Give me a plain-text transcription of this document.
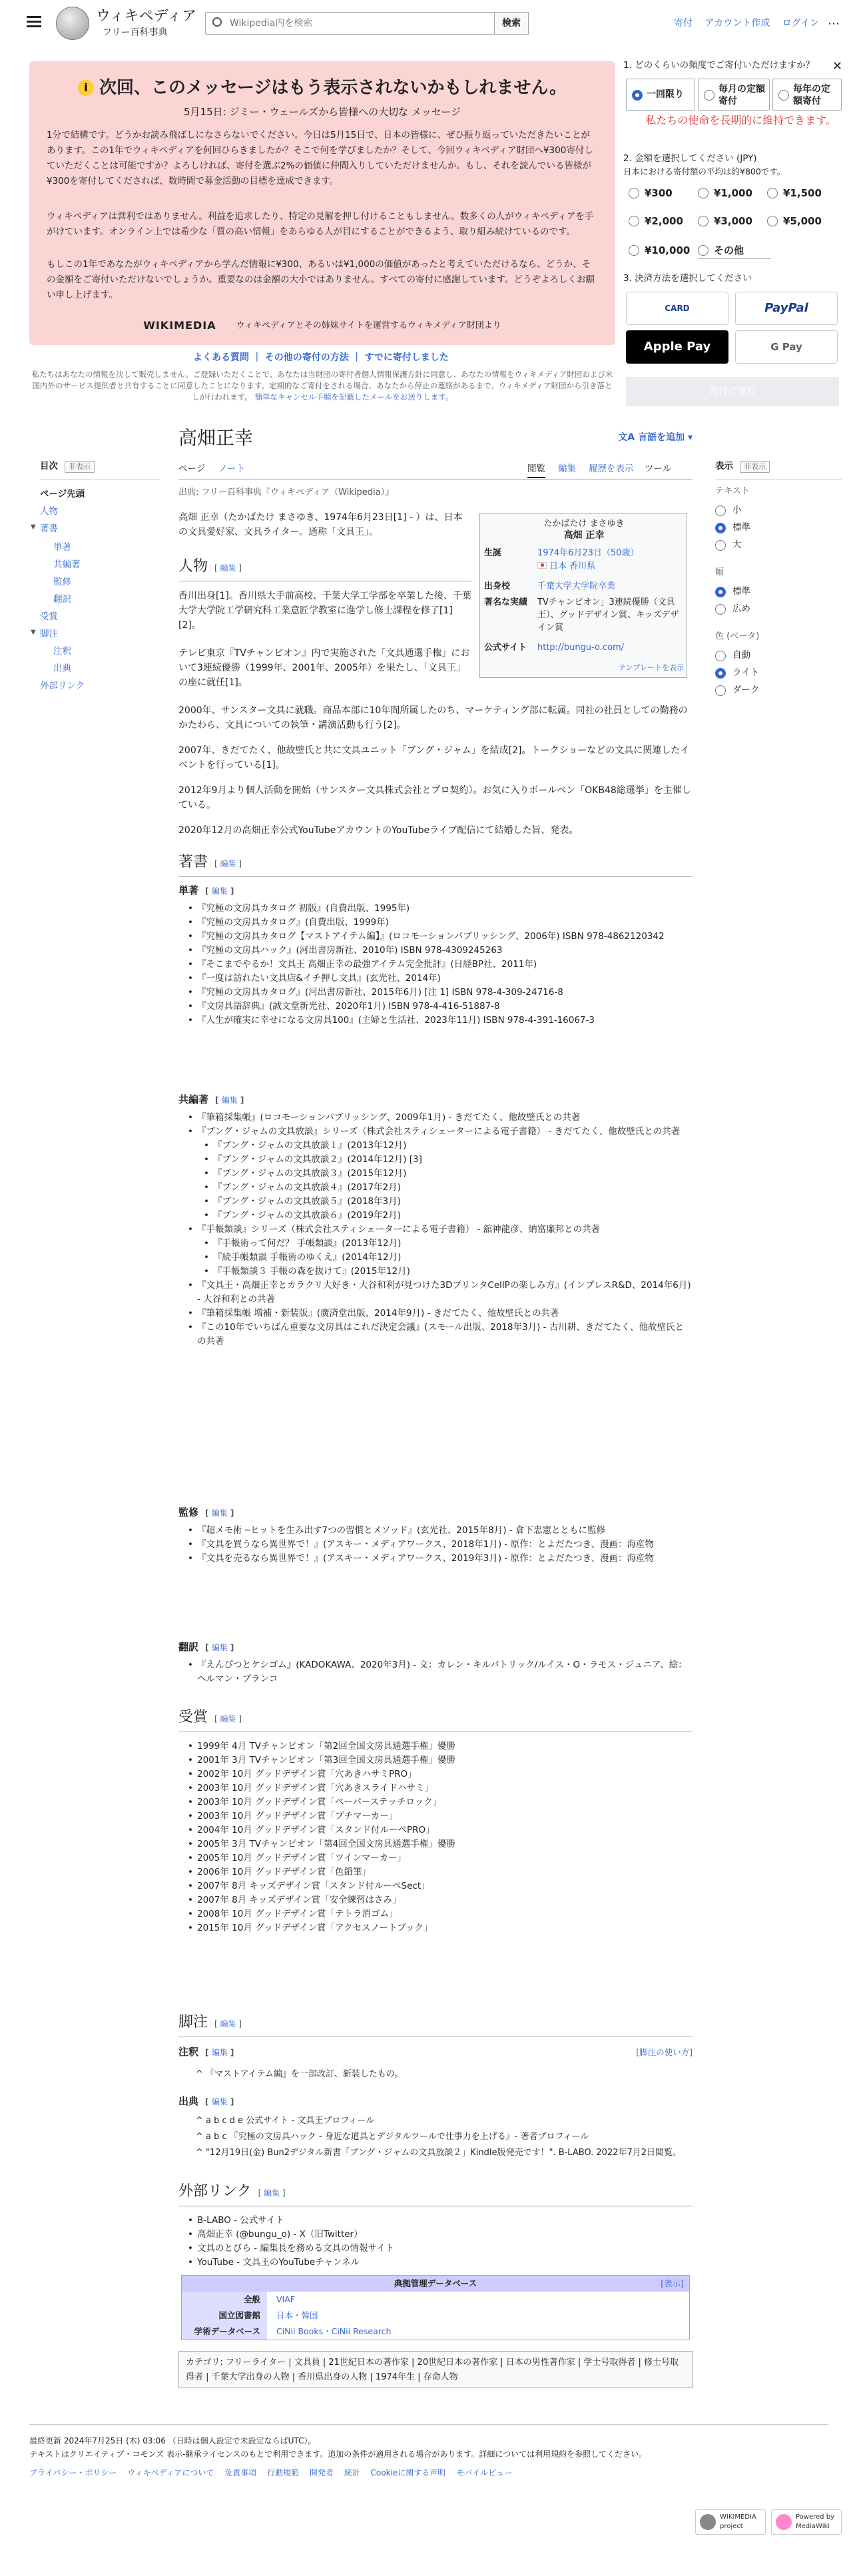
ウィキペディア
フリー百科事典
Wikipedia内を検索	検索	寄付 アカウント作成 ログイン ⋯
i 次回、このメッセージはもう表示されないかもしれません。
5月15日: ジミー・ウェールズから皆様への大切な メッセージ
1分で結構です。どうかお読み飛ばしになさらないでください。今日は5月15日で、日本の皆様に、ぜひ振り返っていただきたいことがあります。この1年でウィキペディアを何回ひらきましたか？そこで何を学びましたか？そして、今回ウィキペディア財団へ¥300寄付していただくことは可能ですか？よろしければ、寄付を選ぶ2%の価値に仲間入りしていただけませんか。もし、それを読んでいる皆様が¥300を寄付してくだされば、数時間で募金活動の目標を達成できます。
ウィキペディアは営利ではありません。利益を追求したり、特定の見解を押し付けることもしません。数多くの人がウィキペディアを手がけています。オンライン上では希少な「質の高い情報」をあらゆる人が目にすることができるよう、取り組み続けているのです。
もしこの1年であなたがウィキペディアから学んだ情報に¥300、あるいは¥1,000の価値があったと考えていただけるなら、どうか、その金額をご寄付いただけないでしょうか。重要なのは金額の大小ではありません。すべての寄付に感謝しています。どうぞよろしくお願い申し上げます。
WIKIMEDIA ウィキペディアとその姉妹サイトを運営するウィキメディア財団より
よくある質問 ｜ その他の寄付の方法 ｜ すでに寄付しました
私たちはあなたの情報を決して販売しません。ご登録いただくことで、あなたは当財団の寄付者個人情報保護方針に同意し、あなたの情報をウィキメディア財団および米国内外のサービス提供者と共有することに同意したことになります。定期的なご寄付をされる場合、あなたから停止の連絡があるまで、ウィキメディア財団から引き落としが行われます。 簡単なキャンセル手順を記載したメールをお送りします。
1. どのくらいの頻度でご寄付いただけますか？ ✕
一回限り	毎月の定額寄付
毎年の定額寄付
私たちの使命を長期的に維持できます。
2. 金額を選択してください (JPY)
日本における寄付額の平均は約¥800です。
¥300	¥1,000	¥1,500
¥2,000	¥3,000	¥5,000
¥10,000	その他
3. 決済方法を選択してください
CARD	PayPal
Apple Pay	G Pay
寄付に進む
目次 非表示
ページ先頭
人物
▼ 著書
単著
共編著
監修
翻訳
受賞
▼ 脚注
注釈
出典
外部リンク
表示 非表示
テキスト
小
標準
大
幅
標準
広め
色 (ベータ)
自動
ライト
ダーク
高畑正幸	文A 言語を追加 ▾
ページ ノート	閲覧 編集 履歴を表示 ツール
出典: フリー百科事典『ウィキペディア（Wikipedia）』
たかばたけ まさゆき
高畑 正幸
生誕	1974年6月23日（50歳）
日本 香川県
出身校	千葉大学大学院卒業
著名な実績 TVチャンピオン」3連続優勝（文具王）、グッドデザイン賞、キッズデザイン賞
公式サイト http://bungu-o.com/
テンプレートを表示
高畑 正幸（たかばたけ まさゆき、1974年6月23日[1] - ）は、日本の文具愛好家、文具ライター。通称「文具王」。
人物 [ 編集 ]
香川出身[1]。香川県大手前高校、千葉大学工学部を卒業した後、千葉大学大学院工学研究科工業意匠学教室に進学し修士課程を修了[1][2]。
テレビ東京『TVチャンピオン』内で実施された「文具通選手権」において3連続優勝（1999年、2001年、2005年）を果たし、「文具王」の座に就任[1]。
2000年、サンスター文具に就職。商品本部に10年間所属したのち、マーケティング部に転属。同社の社員としての勤務のかたわら、文具についての執筆・講演活動も行う[2]。
2007年、きだてたく、他故壁氏と共に文具ユニット「ブング・ジャム」を結成[2]。トークショーなどの文具に関連したイベントを行っている[1]。
2012年9月より個人活動を開始（サンスター文具株式会社とプロ契約）。お気に入りボールペン「OKB48総選挙」を主催している。
2020年12月の高畑正幸公式YouTubeアカウントのYouTubeライブ配信にて結婚した旨、発表。
著書 [ 編集 ]
単著 [ 編集 ]
• 『究極の文房具カタログ 初版』(自費出版、1995年)
• 『究極の文房具カタログ』(自費出版、1999年)
• 『究極の文房具カタログ【マストアイテム編】』(ロコモーションパブリッシング、2006年) ISBN 978-4862120342
• 『究極の文房具ハック』(河出書房新社、2010年) ISBN 978-4309245263
• 『そこまでやるか！文具王 高畑正幸の最強アイテム完全批評』(日経BP社、2011年)
• 『一度は訪れたい文具店&イチ押し文具』(玄光社、2014年)
• 『究極の文房具カタログ』(河出書房新社、2015年6月) [注 1] ISBN 978-4-309-24716-8
• 『文房具語辞典』(誠文堂新光社、2020年1月) ISBN 978-4-416-51887-8
• 『人生が確実に幸せになる文房具100』(主婦と生活社、2023年11月) ISBN 978-4-391-16067-3
共編著 [ 編集 ]
• 『筆箱採集帳』(ロコモーションパブリッシング、2009年1月) - きだてたく、他故壁氏との共著
• 『ブング・ジャムの文具放談』シリーズ（株式会社スティシェーターによる電子書籍） - きだてたく、他故壁氏との共著
• 『ブング・ジャムの文具放談１』(2013年12月)
• 『ブング・ジャムの文具放談２』(2014年12月) [3]
• 『ブング・ジャムの文具放談３』(2015年12月)
• 『ブング・ジャムの文具放談４』(2017年2月)
• 『ブング・ジャムの文具放談５』(2018年3月)
• 『ブング・ジャムの文具放談６』(2019年2月)
• 『手帳類談』シリーズ（株式会社スティシェーターによる電子書籍） - 舘神龍彦、納富廉邦との共著
• 『手帳術って何だ？ 手帳類談』(2013年12月)
• 『続手帳類談 手帳術のゆくえ』(2014年12月)
• 『手帳類談３ 手帳の森を抜けて』(2015年12月)
• 『文具王・高畑正幸とカラクリ大好き・大谷和利が見つけた3DプリンタCellPの楽しみ方』(インプレスR&D、2014年6月) - 大谷和利との共著
• 『筆箱採集帳 増補・新装版』(廣済堂出版、2014年9月) - きだてたく、他故壁氏との共著
• 『この10年でいちばん重要な文房具はこれだ決定会議』(スモール出版、2018年3月) - 古川耕、きだてたく、他故壁氏との共著
監修 [ 編集 ]
• 『超メモ術 ─ヒットを生み出す7つの習慣とメソッド』(玄光社、2015年8月) - 倉下忠憲とともに監修
• 『文具を買うなら異世界で！』(アスキー・メディアワークス、2018年1月) - 原作：とよだたつき、漫画：海産物
• 『文具を売るなら異世界で！』(アスキー・メディアワークス、2019年3月) - 原作：とよだたつき、漫画：海産物
翻訳 [ 編集 ]
• 『えんぴつとケシゴム』(KADOKAWA、2020年3月) - 文：カレン・キルパトリック/ルイス・O・ラモス・ジュニア、絵：ヘルマン・ブランコ
受賞 [ 編集 ]
• 1999年 4月 TVチャンピオン「第2回全国文房具通選手権」優勝
• 2001年 3月 TVチャンピオン「第3回全国文房具通選手権」優勝
• 2002年 10月 グッドデザイン賞「穴あきハサミPRO」
• 2003年 10月 グッドデザイン賞「穴あきスライドハサミ」
• 2003年 10月 グッドデザイン賞「ペーパーステッチロック」
• 2003年 10月 グッドデザイン賞「プチマーカー」
• 2004年 10月 グッドデザイン賞「スタンド付ルーペPRO」
• 2005年 3月 TVチャンピオン「第4回全国文房具通選手権」優勝
• 2005年 10月 グッドデザイン賞「ツインマーカー」
• 2006年 10月 グッドデザイン賞「色鉛筆」
• 2007年 8月 キッズデザイン賞「スタンド付ルーペSect」
• 2007年 8月 キッズデザイン賞「安全練習はさみ」
• 2008年 10月 グッドデザイン賞「テトラ消ゴム」
• 2015年 10月 グッドデザイン賞「アクセスノートブック」
脚注 [ 編集 ]
注釈 [ 編集 ]	[脚注の使い方]
^ 『マストアイテム編』を一部改訂、新装したもの。
出典 [ 編集 ]
^ a b c d e 公式サイト - 文具王プロフィール
^ a b c 『究極の文房具ハック - 身近な道具とデジタルツールで仕事力を上げる』- 著者プロフィール
^ "12月19日(金) Bun2デジタル新書「ブング・ジャムの文具放談２」Kindle版発売です！". B-LABO. 2022年7月2日閲覧。
外部リンク [ 編集 ]
• B-LABO - 公式サイト
• 高畑正幸 (@bungu_o) - X（旧Twitter）
• 文具のとびら - 編集長を務める文具の情報サイト
• YouTube - 文具王のYouTubeチャンネル
典拠管理データベース	[表示]
全般	VIAF
国立図書館	日本・韓国
学術データベース	CiNii Books・CiNii Research
カテゴリ: フリーライター | 文具員 | 21世紀日本の著作家 | 20世紀日本の著作家 | 日本の男性著作家 | 学士号取得者 | 修士号取得者 | 千葉大学出身の人物 | 香川県出身の人物 | 1974年生 | 存命人物
最終更新 2024年7月25日 (木) 03:06 （日時は個人設定で未設定ならばUTC）。
テキストはクリエイティブ・コモンズ 表示-継承ライセンスのもとで利用できます。追加の条件が適用される場合があります。詳細については利用規約を参照してください。
プライバシー・ポリシー ウィキペディアについて 免責事項 行動規範 開発者 統計 Cookieに関する声明 モバイルビュー
WIKIMEDIA project
Powered by MediaWiki
